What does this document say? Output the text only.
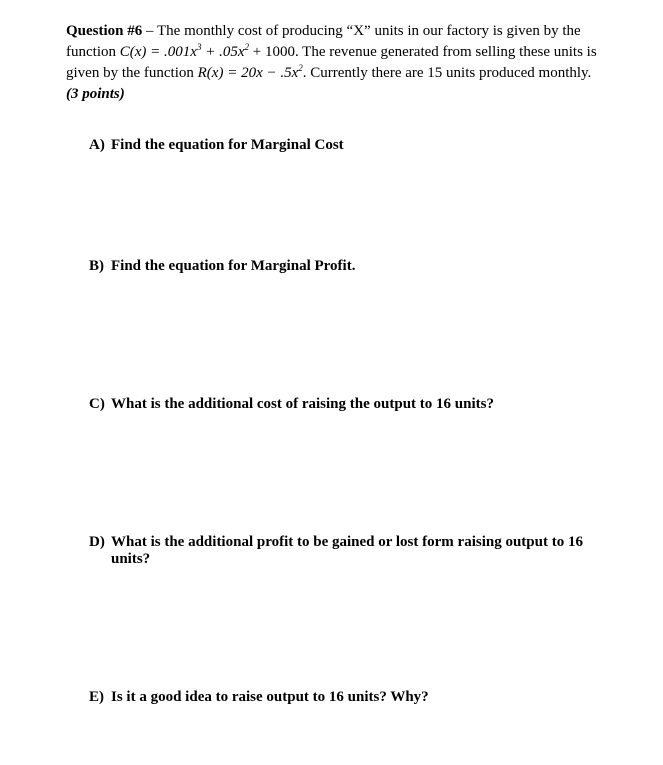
Question #6 – The monthly cost of producing “X” units in our factory is given by the
function $C(x) = .001x^3 + .05x^2 + 1000$. The revenue generated from selling these units is
given by the function $R(x) = 20x - .5x^2$. Currently there are 15 units produced monthly.
(3 points)
A) Find the equation for Marginal Cost
B) Find the equation for Marginal Profit.
C) What is the additional cost of raising the output to 16 units?
D) What is the additional profit to be gained or lost form raising output to 16 units?
E) Is it a good idea to raise output to 16 units? Why?
